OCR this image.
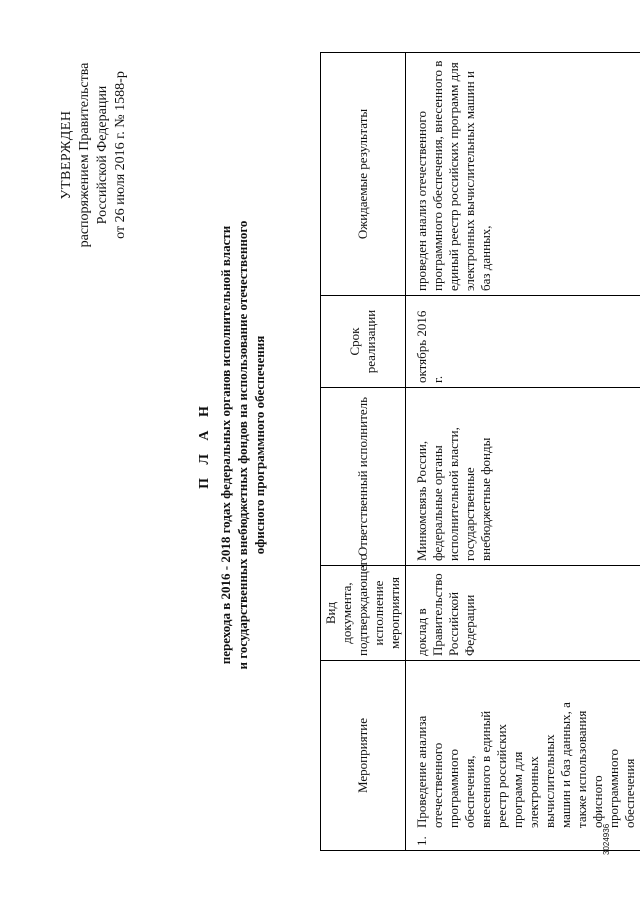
УТВЕРЖДЕН распоряжением Правительства Российской Федерации от 26 июля 2016 г. № 1588-р
П Л А Н перехода в 2016 - 2018 годах федеральных органов исполнительной власти и государственных внебюджетных фондов на использование отечественного офисного программного обеспечения
Мероприятие	Вид документа, подтверждающего исполнение мероприятия	Ответственный исполнитель	Срок реализации	Ожидаемые результаты
1.Проведение анализа отечественного программного обеспечения, внесенного в единый реестр российских программ для электронных вычислительных машин и баз данных, а также использования офисного программного обеспечения	доклад в Правительство Российской Федерации	Минкомсвязь России, федеральные органы исполнительной власти, государственные внебюджетные фонды	октябрь 2016 г.	проведен анализ отечественного программного обеспечения, внесенного в единый реестр российских программ для электронных вычислительных машин и баз данных,
3024936
